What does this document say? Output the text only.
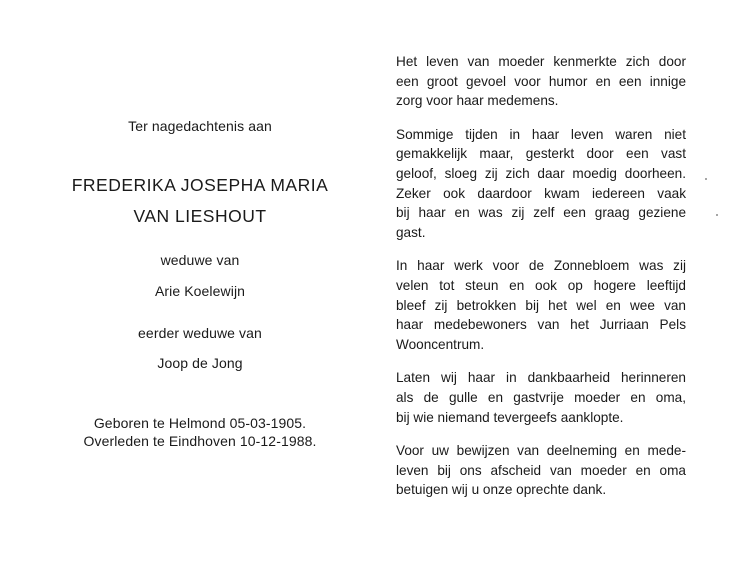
Ter nagedachtenis aan
FREDERIKA JOSEPHA MARIA
VAN LIESHOUT
weduwe van
Arie Koelewijn
eerder weduwe van
Joop de Jong
Geboren te Helmond 05-03-1905.
Overleden te Eindhoven 10-12-1988.
Het leven van moeder kenmerkte zich door
een groot gevoel voor humor en een innige
zorg voor haar medemens.
Sommige tijden in haar leven waren niet
gemakkelijk maar, gesterkt door een vast
geloof, sloeg zij zich daar moedig doorheen.
Zeker ook daardoor kwam iedereen vaak
bij haar en was zij zelf een graag geziene
gast.
In haar werk voor de Zonnebloem was zij
velen tot steun en ook op hogere leeftijd
bleef zij betrokken bij het wel en wee van
haar medebewoners van het Jurriaan Pels
Wooncentrum.
Laten wij haar in dankbaarheid herinneren
als de gulle en gastvrije moeder en oma,
bij wie niemand tevergeefs aanklopte.
Voor uw bewijzen van deelneming en mede-
leven bij ons afscheid van moeder en oma
betuigen wij u onze oprechte dank.
